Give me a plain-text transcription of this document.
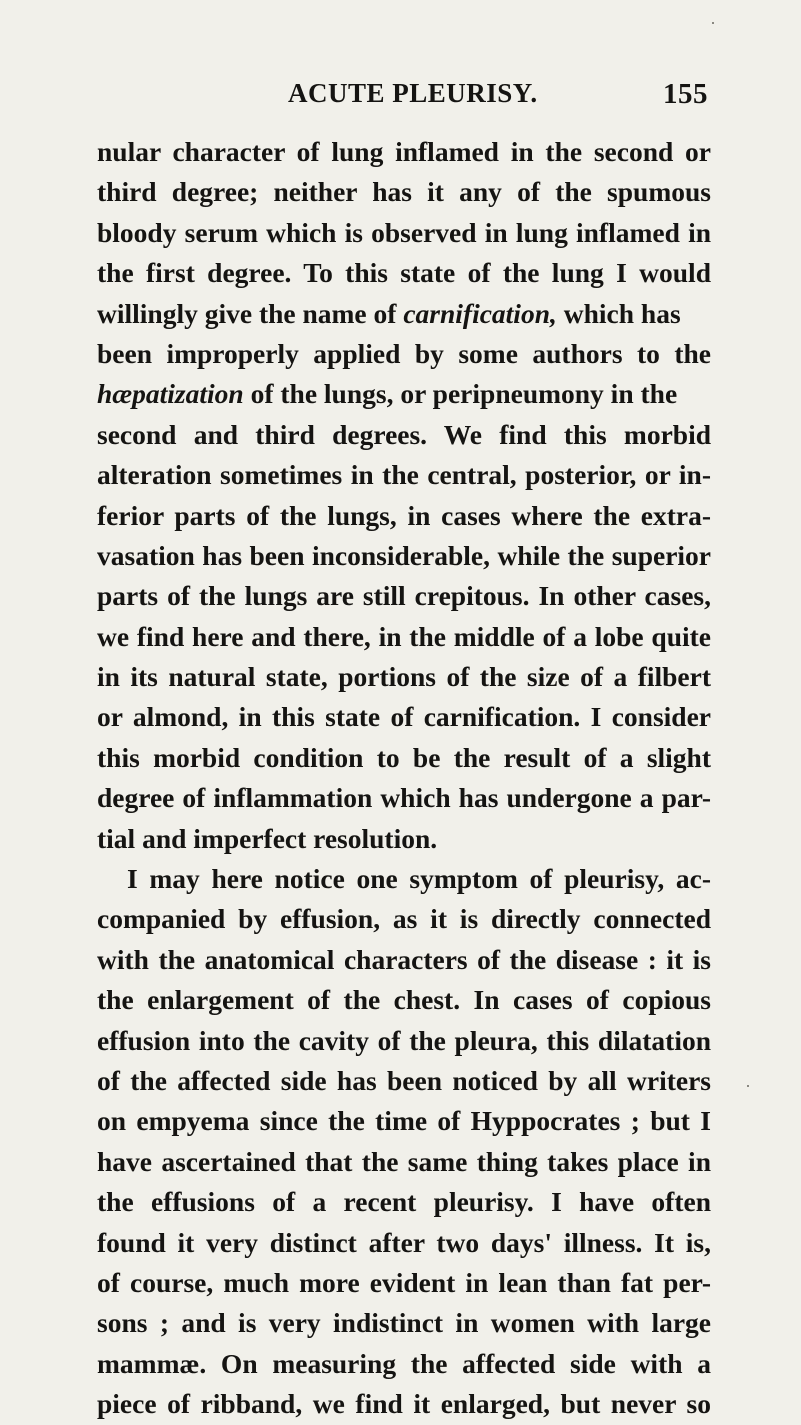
ACUTE PLEURISY.	155
nular character of lung inflamed in the second or
third degree; neither has it any of the spumous
bloody serum which is observed in lung inflamed in
the first degree. To this state of the lung I would
willingly give the name of carnification, which has
been improperly applied by some authors to the
hæpatization of the lungs, or peripneumony in the
second and third degrees. We find this morbid
alteration sometimes in the central, posterior, or in-
ferior parts of the lungs, in cases where the extra-
vasation has been inconsiderable, while the superior
parts of the lungs are still crepitous. In other cases,
we find here and there, in the middle of a lobe quite
in its natural state, portions of the size of a filbert
or almond, in this state of carnification. I consider
this morbid condition to be the result of a slight
degree of inflammation which has undergone a par-
tial and imperfect resolution.
I may here notice one symptom of pleurisy, ac-
companied by effusion, as it is directly connected
with the anatomical characters of the disease : it is
the enlargement of the chest. In cases of copious
effusion into the cavity of the pleura, this dilatation
of the affected side has been noticed by all writers
on empyema since the time of Hyppocrates ; but I
have ascertained that the same thing takes place in
the effusions of a recent pleurisy. I have often
found it very distinct after two days' illness. It is,
of course, much more evident in lean than fat per-
sons ; and is very indistinct in women with large
mammæ. On measuring the affected side with a
piece of ribband, we find it enlarged, but never so
